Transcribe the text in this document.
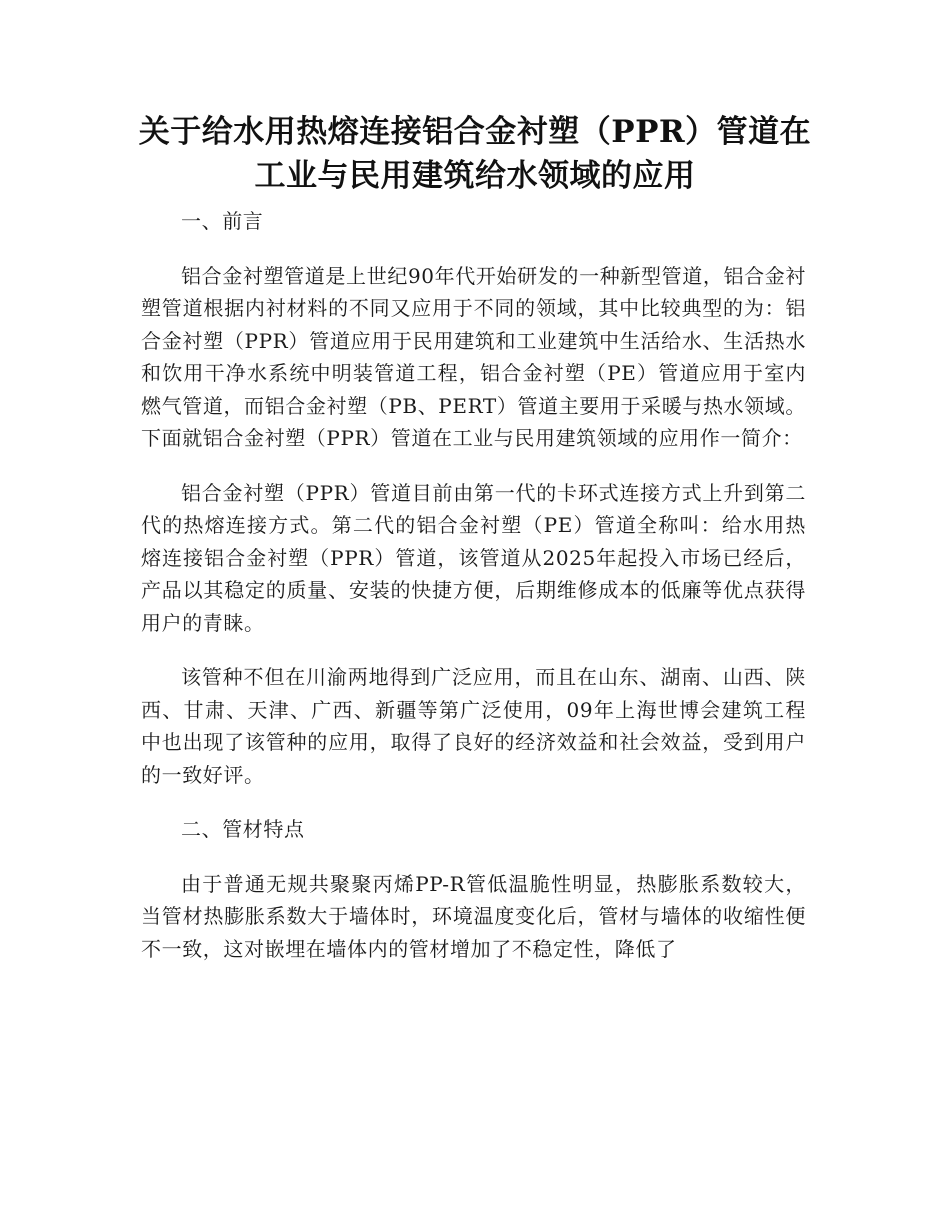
关于给水用热熔连接铝合金衬塑（PPR）管道在工业与民用建筑给水领域的应用

一、前言

铝合金衬塑管道是上世纪90年代开始研发的一种新型管道，铝合金衬塑管道根据内衬材料的不同又应用于不同的领域，其中比较典型的为：铝合金衬塑（PPR）管道应用于民用建筑和工业建筑中生活给水、生活热水和饮用干净水系统中明装管道工程，铝合金衬塑（PE）管道应用于室内燃气管道，而铝合金衬塑（PB、PERT）管道主要用于采暖与热水领域。下面就铝合金衬塑（PPR）管道在工业与民用建筑领域的应用作一简介：

铝合金衬塑（PPR）管道目前由第一代的卡环式连接方式上升到第二代的热熔连接方式。第二代的铝合金衬塑（PE）管道全称叫：给水用热熔连接铝合金衬塑（PPR）管道，该管道从2025年起投入市场已经后，产品以其稳定的质量、安装的快捷方便，后期维修成本的低廉等优点获得用户的青睐。

该管种不但在川渝两地得到广泛应用，而且在山东、湖南、山西、陕西、甘肃、天津、广西、新疆等第广泛使用，09年上海世博会建筑工程中也出现了该管种的应用，取得了良好的经济效益和社会效益，受到用户的一致好评。

二、管材特点

由于普通无规共聚聚丙烯PP-R管低温脆性明显，热膨胀系数较大，当管材热膨胀系数大于墙体时，环境温度变化后，管材与墙体的收缩性便不一致，这对嵌埋在墙体内的管材增加了不稳定性，降低了
